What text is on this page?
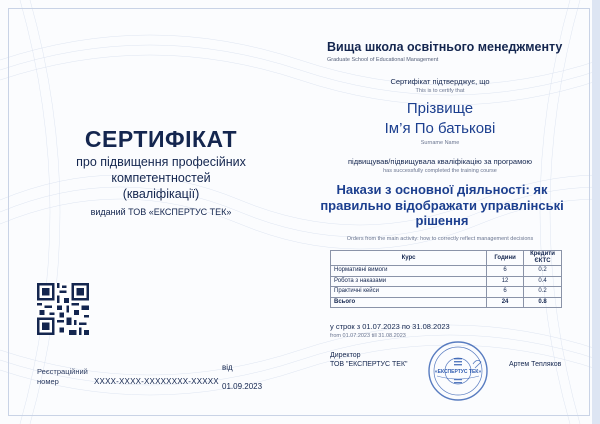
СЕРТИФІКАТ
про підвищення професійних
компетентностей
(кваліфікації)
виданий ТОВ «ЕКСПЕРТУС ТЕК»
Реєстраційний
номер	XXXX-XXXX-XXXXXXXX-XXXXX
від
01.09.2023
Вища школа освітнього менеджменту
Graduate School of Educational Management
Сертифікат підтверджує, що
This is to certify that
Прізвище
Ім’я По батькові
Surname Name
підвищував/підвищувала кваліфікацію за програмою
has successfully completed the training course
Накази з основної діяльності: як правильно відображати управлінські рішення
Orders from the main activity: how to correctly reflect management decisions
Курс	Години	Кредити
ЄКТС

Нормативні вимоги	6	0.2
Робота з наказами	12	0.4
Практичні кейси	6	0.2
Всього	24	0.8
у строк з 01.07.2023 по 31.08.2023
from 01.07.2023 till 31.08.2023
Директор
ТОВ "ЕКСПЕРТУС ТЕК"	Артем Тепляков
«ЕКСПЕРТУС ТЕК»
